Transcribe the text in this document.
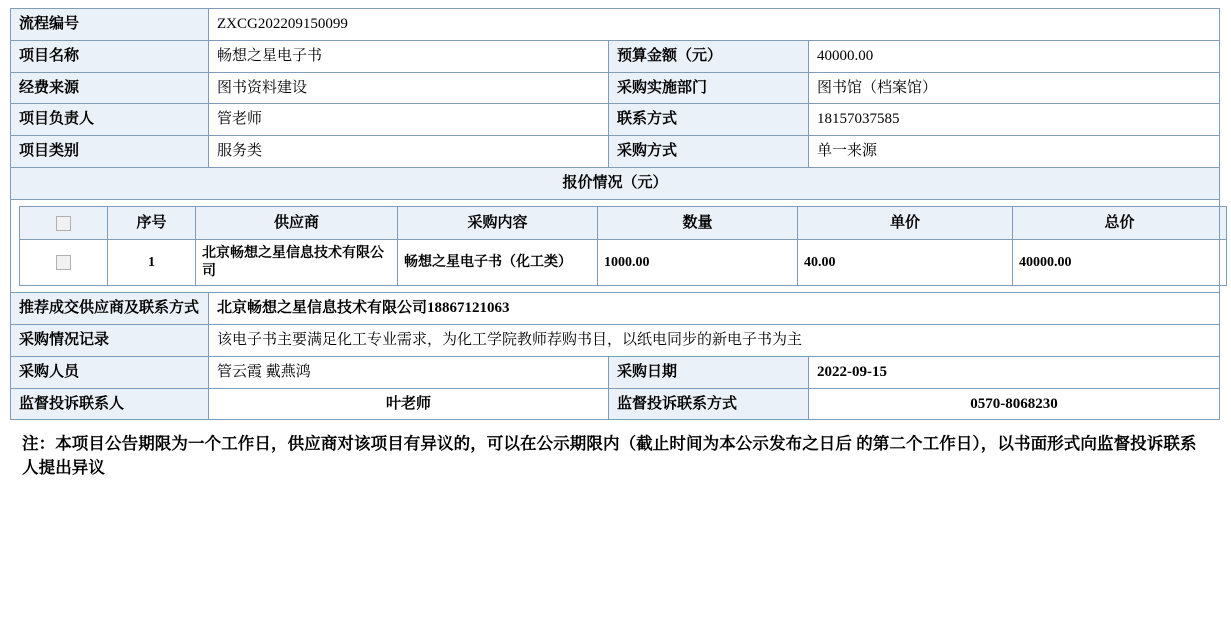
流程编号	ZXCG202209150099
项目名称	畅想之星电子书	预算金额（元）	40000.00
经费来源	图书资料建设	采购实施部门	图书馆（档案馆）
项目负责人	管老师	联系方式	18157037585
项目类别	服务类	采购方式	单一来源
报价情况（元）

	序号	供应商	采购内容	数量	单价	总价
	1	北京畅想之星信息技术有限公司	畅想之星电子书（化工类）	1000.00	40.00	40000.00

推荐成交供应商及联系方式	北京畅想之星信息技术有限公司18867121063
采购情况记录	该电子书主要满足化工专业需求，为化工学院教师荐购书目，以纸电同步的新电子书为主
采购人员	管云霞 戴燕鸿	采购日期	2022-09-15
监督投诉联系人	叶老师	监督投诉联系方式	0570-8068230
注：本项目公告期限为一个工作日，供应商对该项目有异议的，可以在公示期限内（截止时间为本公示发布之日后 的第二个工作日），以书面形式向监督投诉联系人提出异议
